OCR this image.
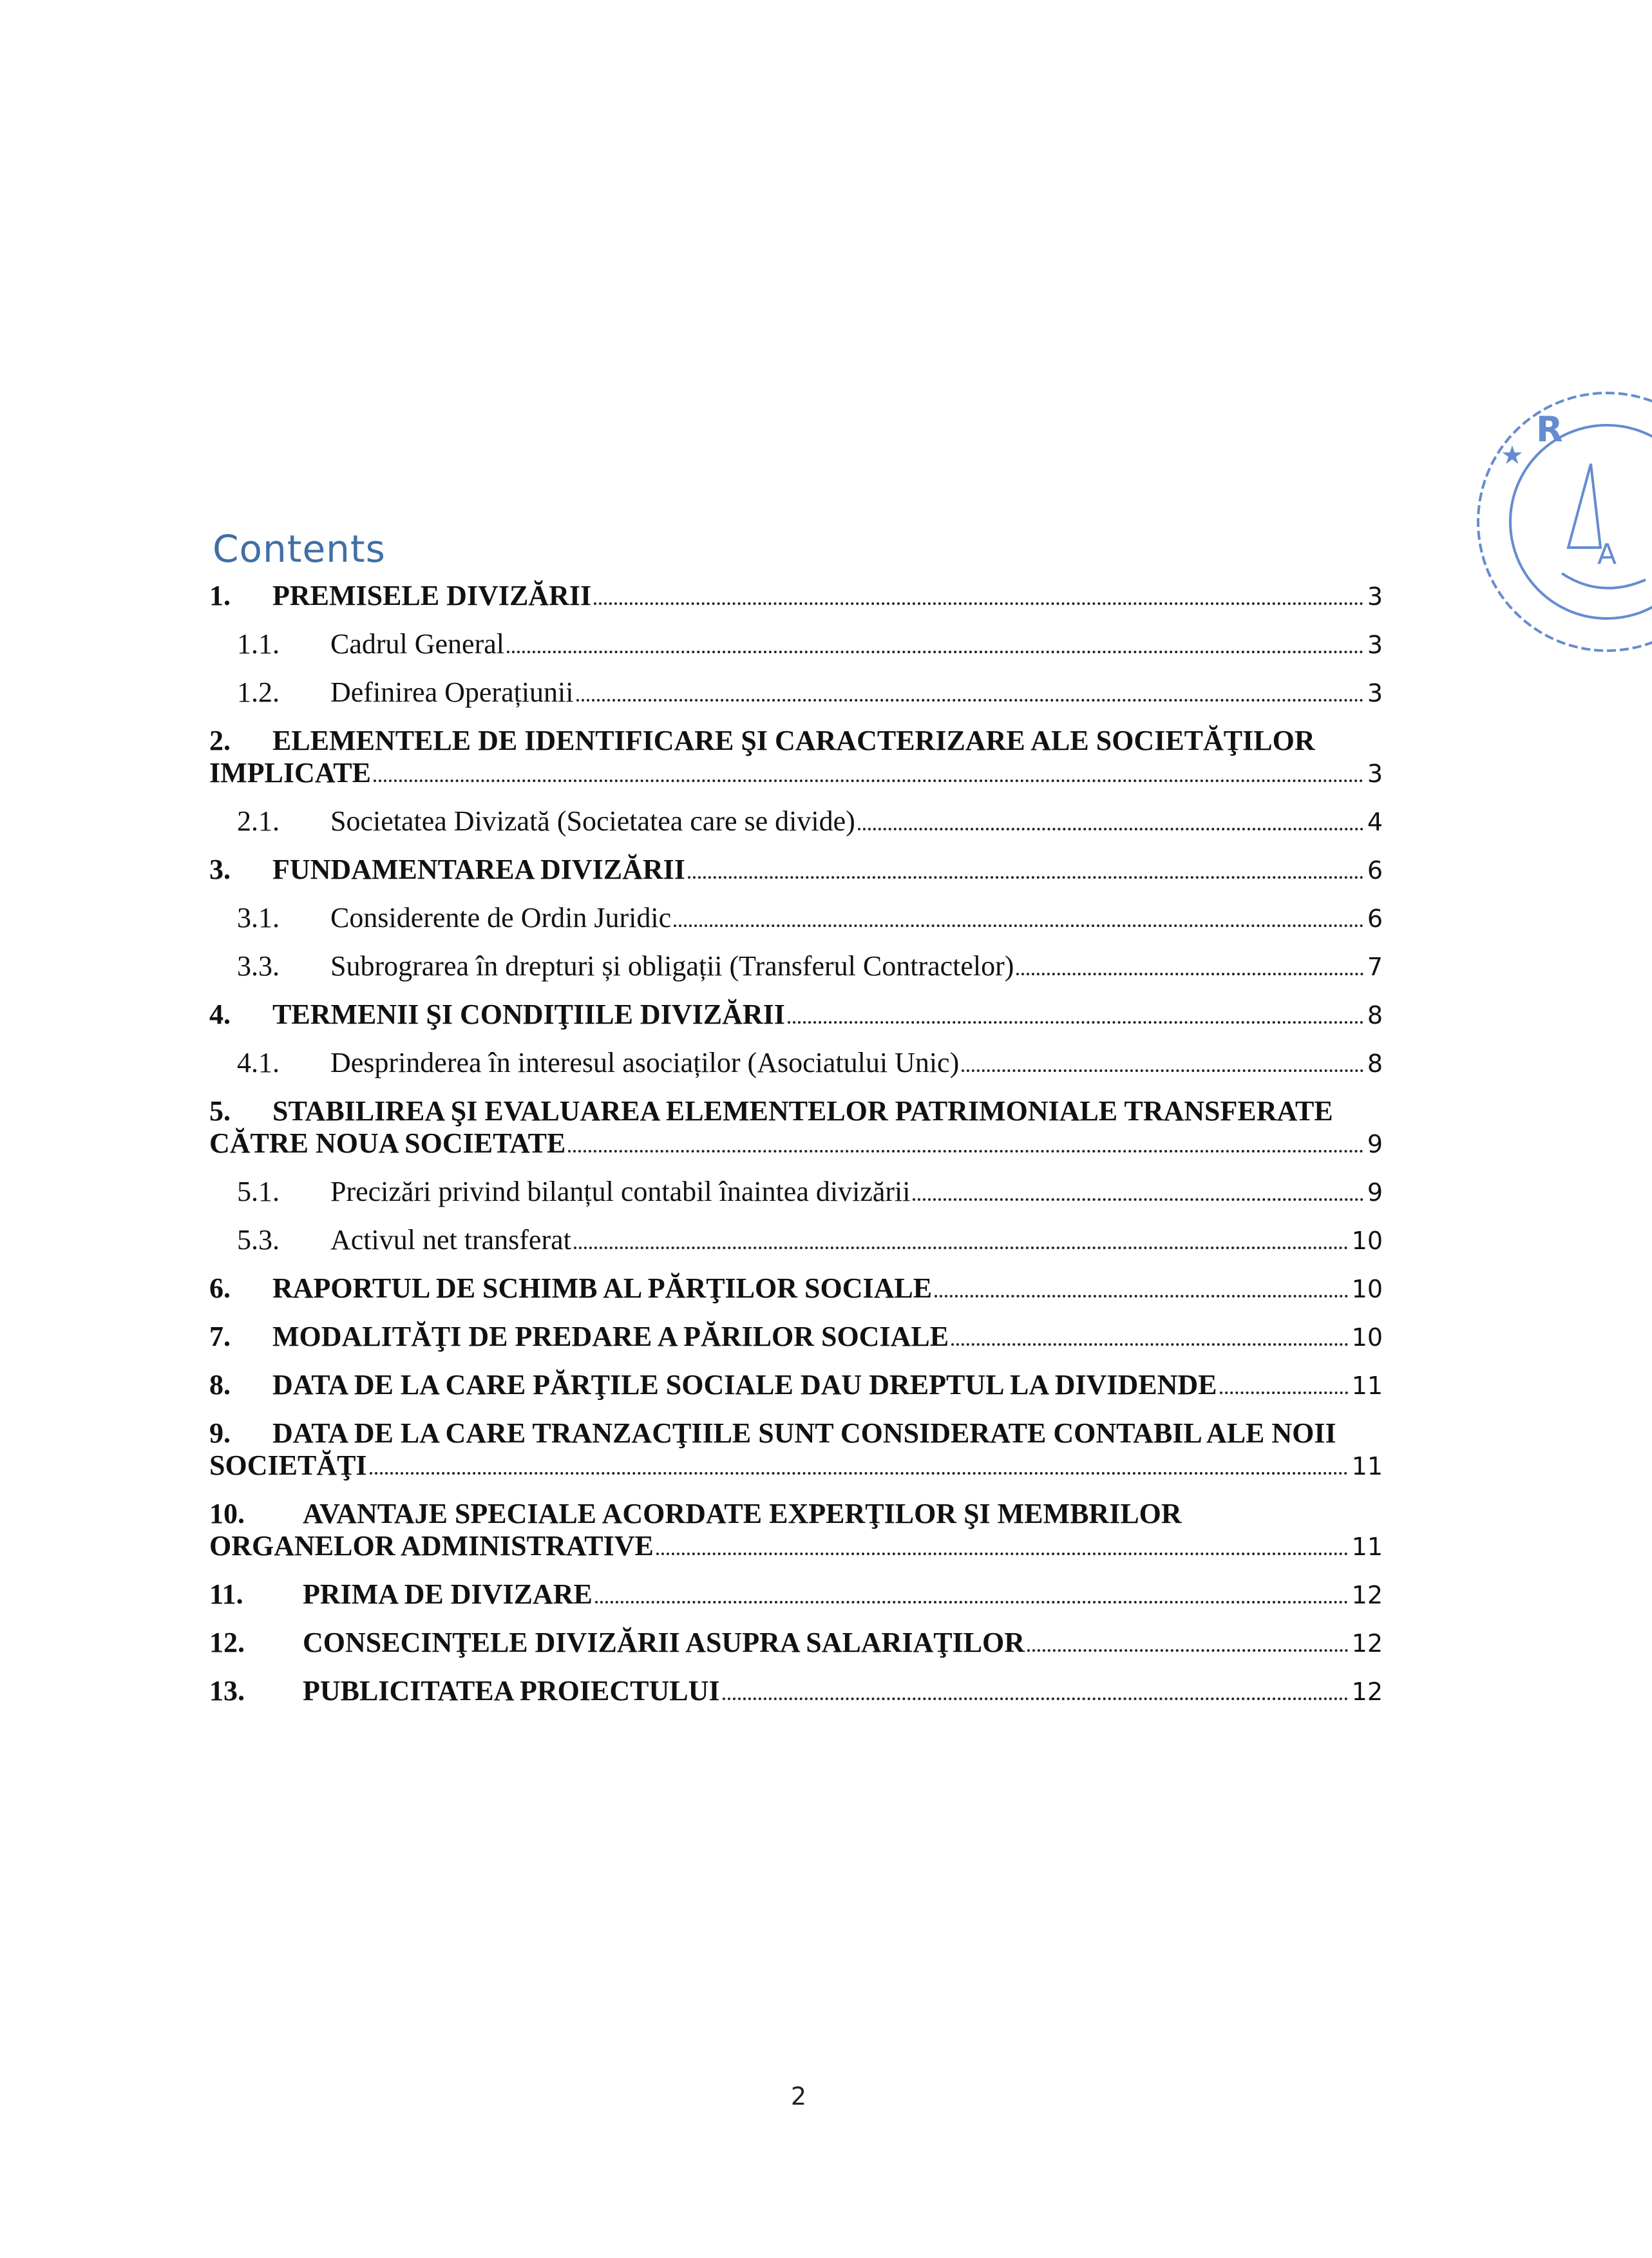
Contents
1.	PREMISELE DIVIZĂRII	3
1.1.	Cadrul General	3
1.2.	Definirea Operațiunii	3
2.	ELEMENTELE DE IDENTIFICARE ŞI CARACTERIZARE ALE SOCIETĂŢILOR
IMPLICATE	3
2.1.	Societatea Divizată (Societatea care se divide)	4
3.	FUNDAMENTAREA DIVIZĂRII	6
3.1.	Considerente de Ordin Juridic	6
3.3.	Subrograrea în drepturi și obligații (Transferul Contractelor)	7
4.	TERMENII ŞI CONDIŢIILE DIVIZĂRII	8
4.1.	Desprinderea în interesul asociaților (Asociatului Unic)	8
5.	STABILIREA ŞI EVALUAREA ELEMENTELOR PATRIMONIALE TRANSFERATE
CĂTRE NOUA SOCIETATE	9
5.1.	Precizări privind bilanțul contabil înaintea divizării	9
5.3.	Activul net transferat	10
6.	RAPORTUL DE SCHIMB AL PĂRŢILOR SOCIALE	10
7.	MODALITĂŢI DE PREDARE A PĂRILOR SOCIALE	10
8.	DATA DE LA CARE PĂRŢILE SOCIALE DAU DREPTUL LA DIVIDENDE	11
9.	DATA DE LA CARE TRANZACŢIILE SUNT CONSIDERATE CONTABIL ALE NOII
SOCIETĂŢI	11
10.	AVANTAJE SPECIALE ACORDATE EXPERŢILOR ŞI MEMBRILOR
ORGANELOR ADMINISTRATIVE	11
11.	PRIMA DE DIVIZARE	12
12.	CONSECINŢELE DIVIZĂRII ASUPRA SALARIAŢILOR	12
13.	PUBLICITATEA PROIECTULUI	12
R
★
A
2
